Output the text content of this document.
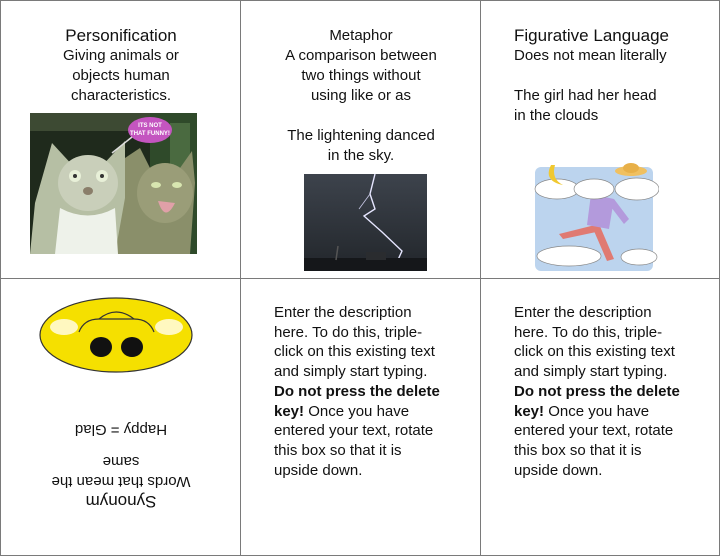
Personification
Giving animals or
objects human
characteristics.
ITS NOT
THAT FUNNY!
Metaphor
A comparison between
two things without
using like or as
The lightening danced
in the sky.
Figurative Language
Does not mean literally
The girl had her head
in the clouds
Synonym
Words that mean the
same
Happy = Glad
Enter the description here. To do this, triple-click on this existing text and simply start typing. Do not press the delete key! Once you have entered your text, rotate this box so that it is upside down.
Enter the description here. To do this, triple-click on this existing text and simply start typing. Do not press the delete key! Once you have entered your text, rotate this box so that it is upside down.
